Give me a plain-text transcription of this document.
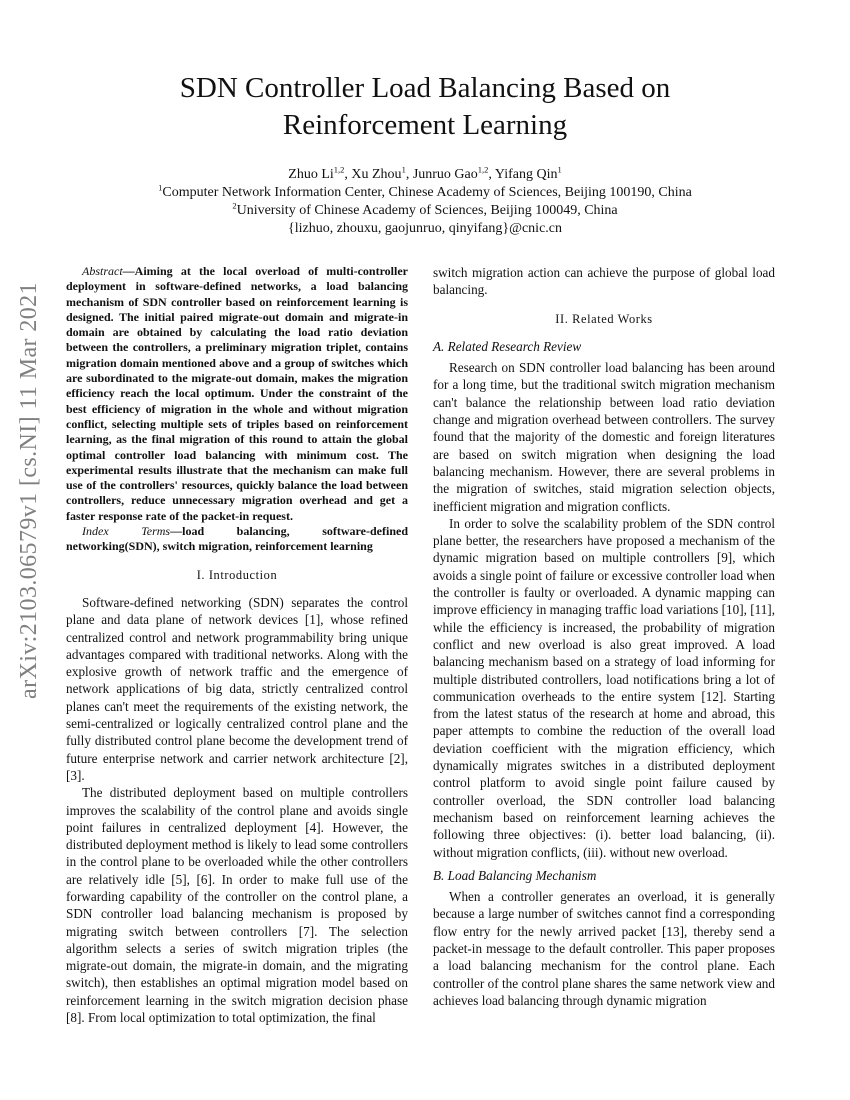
arXiv:2103.06579v1 [cs.NI] 11 Mar 2021
SDN Controller Load Balancing Based on Reinforcement Learning
Zhuo Li$^{1,2}$, Xu Zhou$^1$, Junruo Gao$^{1,2}$, Yifang Qin$^1$
$^1$Computer Network Information Center, Chinese Academy of Sciences, Beijing 100190, China
$^2$University of Chinese Academy of Sciences, Beijing 100049, China
{lizhuo, zhouxu, gaojunruo, qinyifang}@cnic.cn

Abstract—Aiming at the local overload of multi-controller deployment in software-defined networks, a load balancing mechanism of SDN controller based on reinforcement learning is designed. The initial paired migrate-out domain and migrate-in domain are obtained by calculating the load ratio deviation between the controllers, a preliminary migration triplet, contains migration domain mentioned above and a group of switches which are subordinated to the migrate-out domain, makes the migration efficiency reach the local optimum. Under the constraint of the best efficiency of migration in the whole and without migration conflict, selecting multiple sets of triples based on reinforcement learning, as the final migration of this round to attain the global optimal controller load balancing with minimum cost. The experimental results illustrate that the mechanism can make full use of the controllers' resources, quickly balance the load between controllers, reduce unnecessary migration overhead and get a faster response rate of the packet-in request.

Index Terms—load balancing, software-defined networking(SDN), switch migration, reinforcement learning

I. Introduction

Software-defined networking (SDN) separates the control plane and data plane of network devices [1], whose refined centralized control and network programmability bring unique advantages compared with traditional networks. Along with the explosive growth of network traffic and the emergence of network applications of big data, strictly centralized control planes can't meet the requirements of the existing network, the semi-centralized or logically centralized control plane and the fully distributed control plane become the development trend of future enterprise network and carrier network architecture [2], [3].

The distributed deployment based on multiple controllers improves the scalability of the control plane and avoids single point failures in centralized deployment [4]. However, the distributed deployment method is likely to lead some controllers in the control plane to be overloaded while the other controllers are relatively idle [5], [6]. In order to make full use of the forwarding capability of the controller on the control plane, a SDN controller load balancing mechanism is proposed by migrating switch between controllers [7]. The selection algorithm selects a series of switch migration triples (the migrate-out domain, the migrate-in domain, and the migrating switch), then establishes an optimal migration model based on reinforcement learning in the switch migration decision phase [8]. From local optimization to total optimization, the final

switch migration action can achieve the purpose of global load balancing.

II. Related Works
A. Related Research Review

Research on SDN controller load balancing has been around for a long time, but the traditional switch migration mechanism can't balance the relationship between load ratio deviation change and migration overhead between controllers. The survey found that the majority of the domestic and foreign literatures are based on switch migration when designing the load balancing mechanism. However, there are several problems in the migration of switches, staid migration selection objects, inefficient migration and migration conflicts.

In order to solve the scalability problem of the SDN control plane better, the researchers have proposed a mechanism of the dynamic migration based on multiple controllers [9], which avoids a single point of failure or excessive controller load when the controller is faulty or overloaded. A dynamic mapping can improve efficiency in managing traffic load variations [10], [11], while the efficiency is increased, the probability of migration conflict and new overload is also great improved. A load balancing mechanism based on a strategy of load informing for multiple distributed controllers, load notifications bring a lot of communication overheads to the entire system [12]. Starting from the latest status of the research at home and abroad, this paper attempts to combine the reduction of the overall load deviation coefficient with the migration efficiency, which dynamically migrates switches in a distributed deployment control platform to avoid single point failure caused by controller overload, the SDN controller load balancing mechanism based on reinforcement learning achieves the following three objectives: (i). better load balancing, (ii). without migration conflicts, (iii). without new overload.

B. Load Balancing Mechanism

When a controller generates an overload, it is generally because a large number of switches cannot find a corresponding flow entry for the newly arrived packet [13], thereby send a packet-in message to the default controller. This paper proposes a load balancing mechanism for the control plane. Each controller of the control plane shares the same network view and achieves load balancing through dynamic migration
